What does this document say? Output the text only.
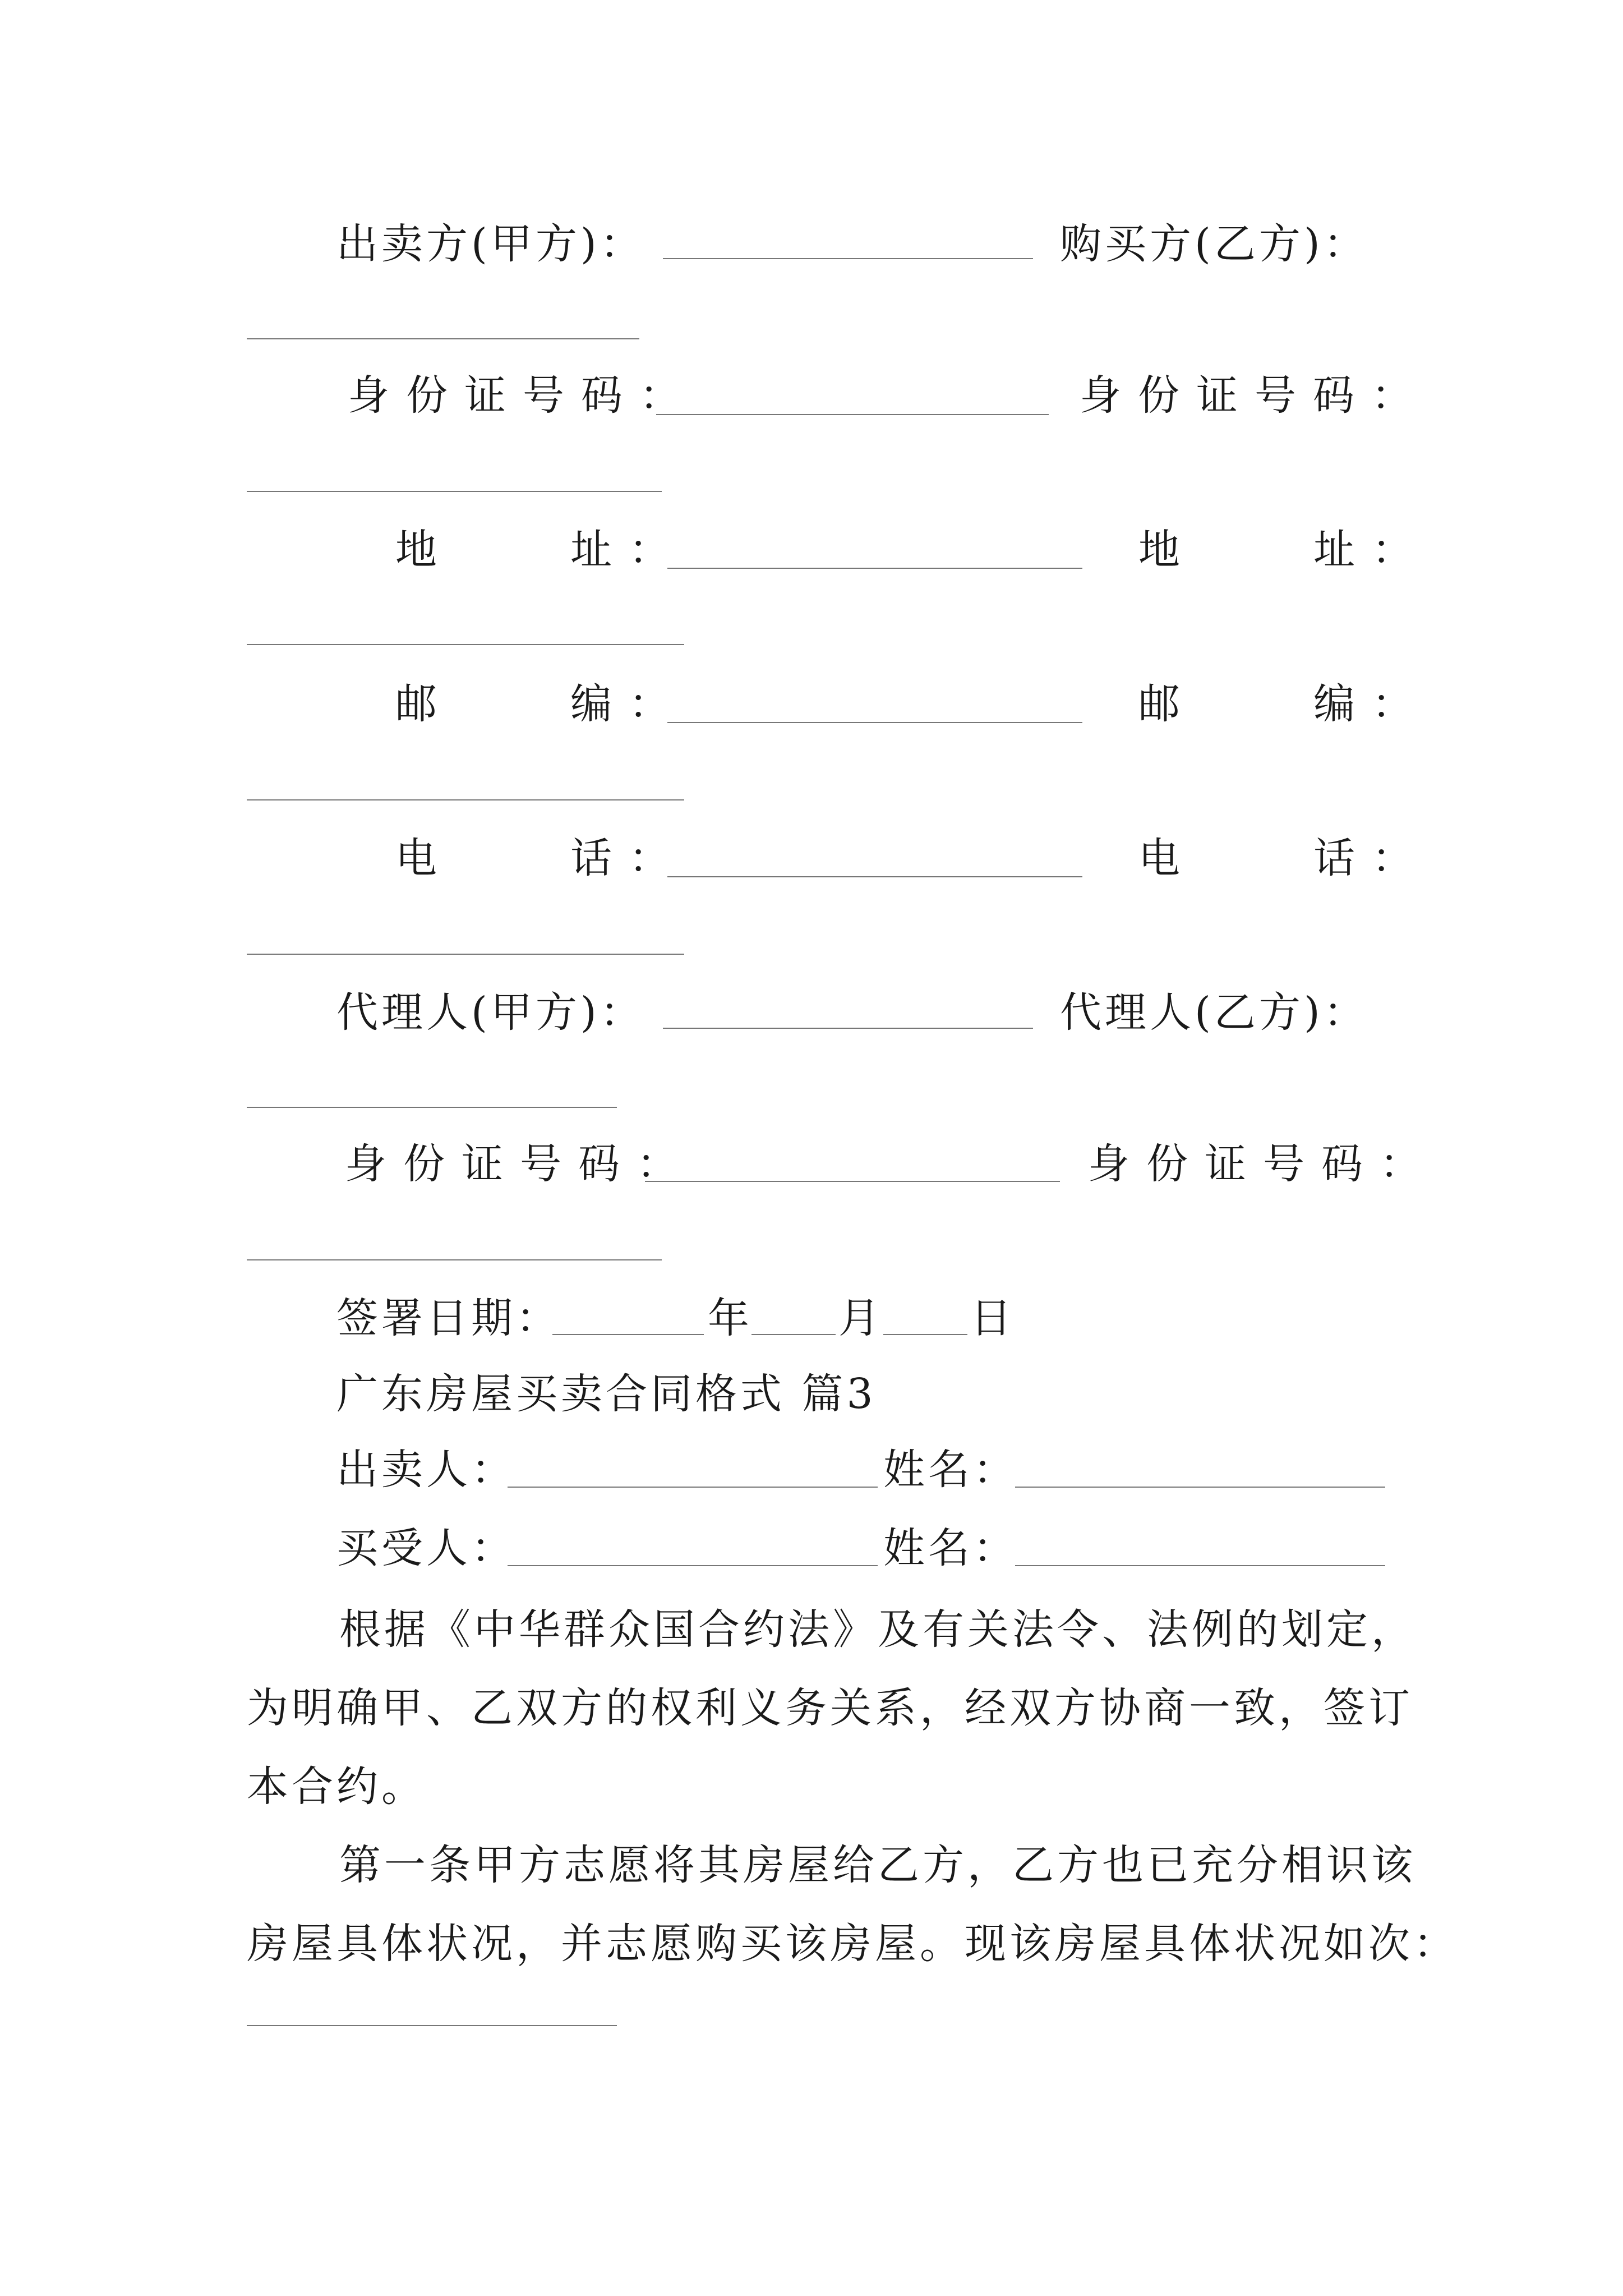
出卖方(甲方)：	购买方(乙方)：
身份证号码：	身份证号码：
地　　址：	地　　址：
邮　　编：	邮　　编：
电　　话：	电　　话：
代理人(甲方)：	代理人(乙方)：
身份证号码：	身份证号码：
签署日期：	年 月 日
广东房屋买卖合同格式 篇3
出卖人：	姓名：
买受人：	姓名：
根据《中华群众国合约法》及有关法令、法例的划定，
为明确甲、乙双方的权利义务关系，经双方协商一致，签订
本合约。
第一条甲方志愿将其房屋给乙方，乙方也已充分相识该
房屋具体状况，并志愿购买该房屋。现该房屋具体状况如次：
